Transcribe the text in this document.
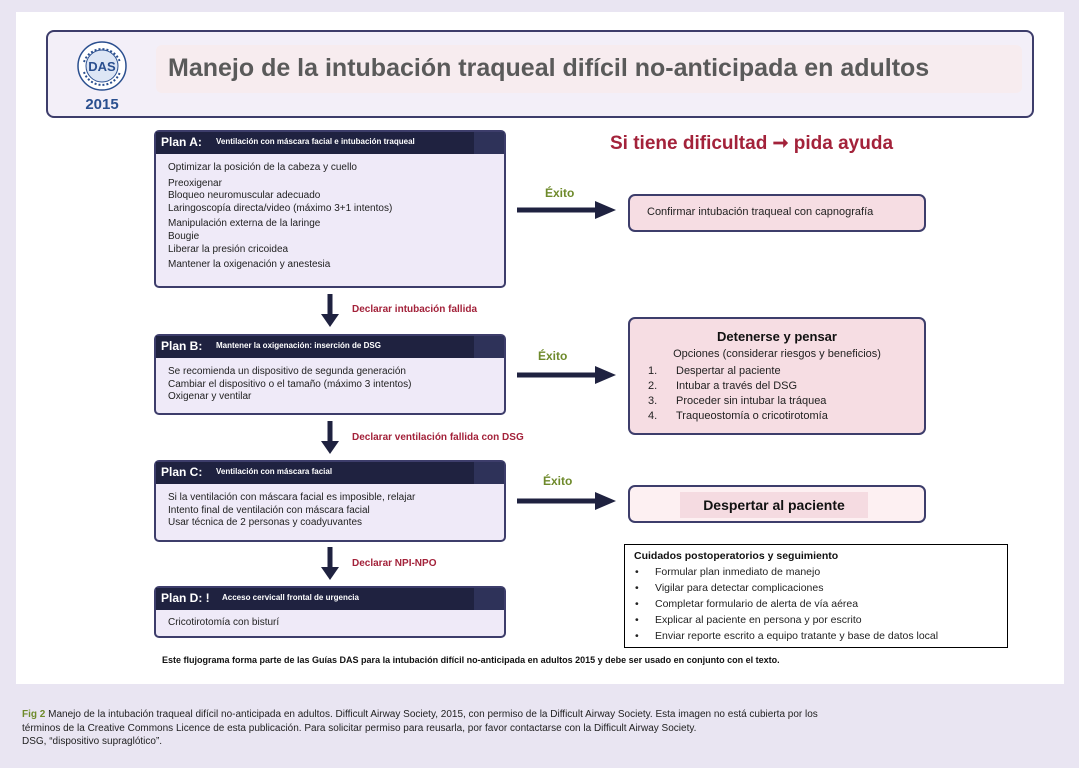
DAS
2015
Manejo de la intubación traqueal difícil no-anticipada en adultos
Plan A: Ventilación con máscara facial e intubación traqueal
Optimizar la posición de la cabeza y cuello
Preoxigenar
Bloqueo neuromuscular adecuado
Laringoscopía directa/video (máximo 3+1 intentos)
Manipulación externa de la laringe
Bougie
Liberar la presión cricoidea
Mantener la oxigenación y anestesia
Plan B: Mantener la oxigenación: inserción de DSG
Se recomienda un dispositivo de segunda generación
Cambiar el dispositivo o el tamaño (máximo 3 intentos)
Oxigenar y ventilar
Plan C: Ventilación con máscara facial
Si la ventilación con máscara facial es imposible, relajar
Intento final de ventilación con máscara facial
Usar técnica de 2 personas y coadyuvantes
Plan D: ! Acceso cervicall frontal de urgencia
Cricotirotomía con bisturí
Declarar intubación fallida
Declarar ventilación fallida con DSG
Declarar NPI-NPO
Si tiene dificultad ➞ pida ayuda
Éxito
Éxito
Éxito
Confirmar intubación traqueal con capnografía
Detenerse y pensar
Opciones (considerar riesgos y beneficios)
1. Despertar al paciente
2. Intubar a través del DSG
3. Proceder sin intubar la tráquea
4. Traqueostomía o cricotirotomía
Despertar al paciente
Cuidados postoperatorios y seguimiento
• Formular plan inmediato de manejo
• Vigilar para detectar complicaciones
• Completar formulario de alerta de vía aérea
• Explicar al paciente en persona y por escrito
• Enviar reporte escrito a equipo tratante y base de datos local
Este flujograma forma parte de las Guías DAS para la intubación difícil no-anticipada en adultos 2015 y debe ser usado en conjunto con el texto.
Fig 2 Manejo de la intubación traqueal difícil no-anticipada en adultos. Difficult Airway Society, 2015, con permiso de la Difficult Airway Society. Esta imagen no está cubierta por los
términos de la Creative Commons Licence de esta publicación. Para solicitar permiso para reusarla, por favor contactarse con la Difficult Airway Society.
DSG, “dispositivo supraglótico”.
